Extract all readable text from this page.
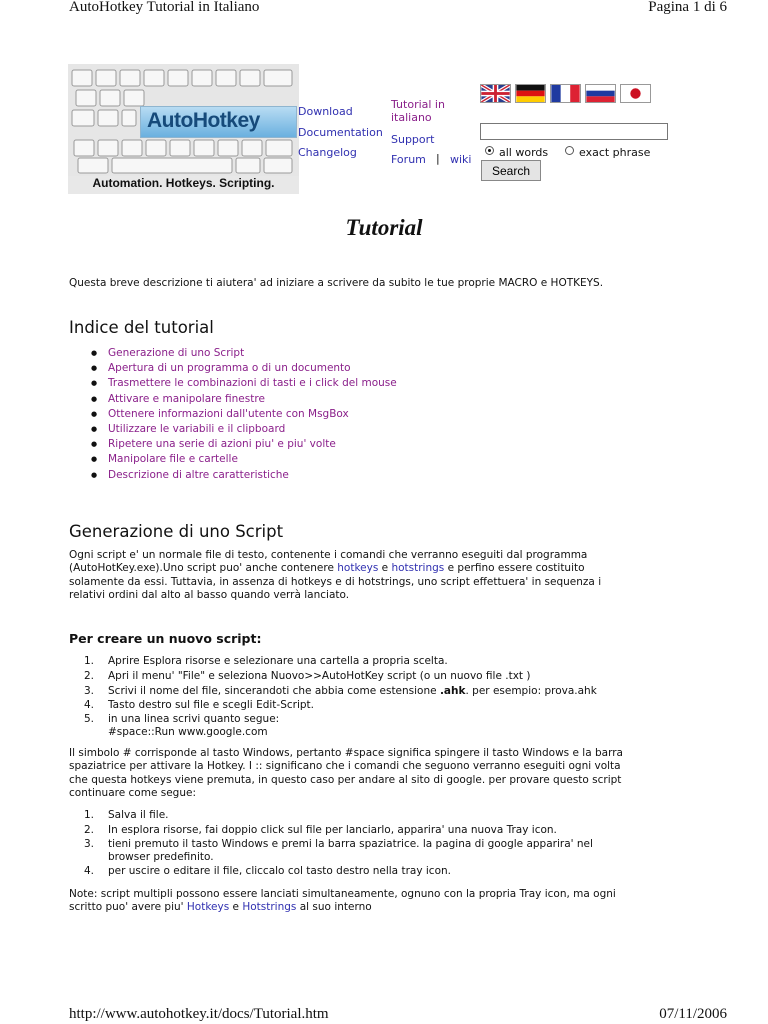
AutoHotkey Tutorial in Italiano	Pagina 1 di 6
AutoHotkey
Automation. Hotkeys. Scripting.
Download
Documentation
Changelog
Tutorial in
italiano
Support
Forum | wiki
all words	exact phrase
Search
Tutorial
Questa breve descrizione ti aiutera' ad iniziare a scrivere da subito le tue proprie MACRO e HOTKEYS.
Indice del tutorial
● Generazione di uno Script
● Apertura di un programma o di un documento
● Trasmettere le combinazioni di tasti e i click del mouse
● Attivare e manipolare finestre
● Ottenere informazioni dall'utente con MsgBox
● Utilizzare le variabili e il clipboard
● Ripetere una serie di azioni piu' e piu' volte
● Manipolare file e cartelle
● Descrizione di altre caratteristiche
Generazione di uno Script
Ogni script e' un normale file di testo, contenente i comandi che verranno eseguiti dal programma
(AutoHotKey.exe).Uno script puo' anche contenere hotkeys e hotstrings e perfino essere costituito
solamente da essi. Tuttavia, in assenza di hotkeys e di hotstrings, uno script effettuera' in sequenza i
relativi ordini dal alto al basso quando verrà lanciato.
Per creare un nuovo script:
1. Aprire Esplora risorse e selezionare una cartella a propria scelta.
2. Apri il menu' "File" e seleziona Nuovo>>AutoHotKey script (o un nuovo file .txt )
3. Scrivi il nome del file, sincerandoti che abbia come estensione .ahk. per esempio: prova.ahk
4. Tasto destro sul file e scegli Edit-Script.
5. in una linea scrivi quanto segue:
#space::Run www.google.com
Il simbolo # corrisponde al tasto Windows, pertanto #space significa spingere il tasto Windows e la barra
spaziatrice per attivare la Hotkey. I :: significano che i comandi che seguono verranno eseguiti ogni volta
che questa hotkeys viene premuta, in questo caso per andare al sito di google. per provare questo script
continuare come segue:
1. Salva il file.
2. In esplora risorse, fai doppio click sul file per lanciarlo, apparira' una nuova Tray icon.
3. tieni premuto il tasto Windows e premi la barra spaziatrice. la pagina di google apparira' nel
browser predefinito.
4. per uscire o editare il file, cliccalo col tasto destro nella tray icon.
Note: script multipli possono essere lanciati simultaneamente, ognuno con la propria Tray icon, ma ogni
scritto puo' avere piu' Hotkeys e Hotstrings al suo interno
http://www.autohotkey.it/docs/Tutorial.htm	07/11/2006
